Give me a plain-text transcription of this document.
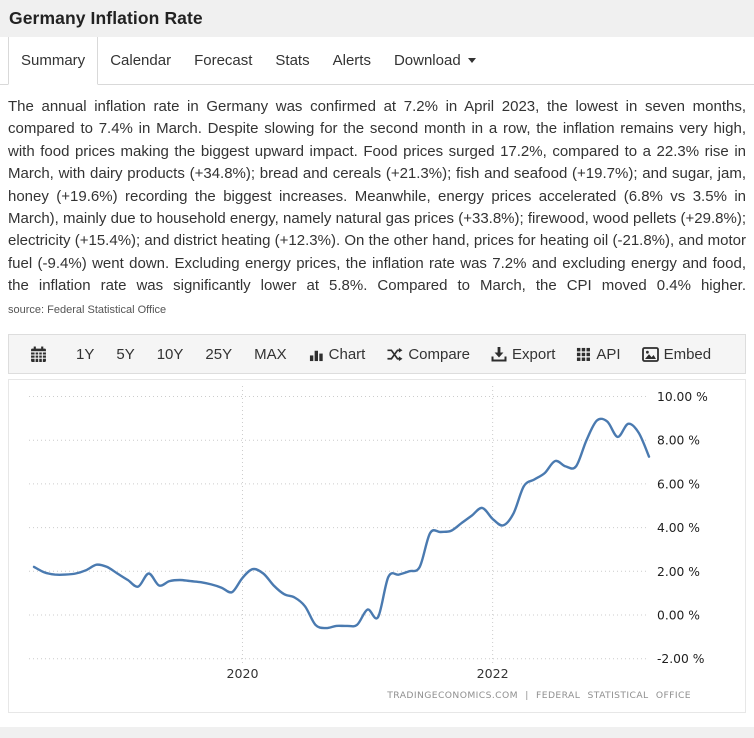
Germany Inflation Rate
Summary Calendar Forecast Stats Alerts Download

The annual inflation rate in Germany was confirmed at 7.2% in April 2023, the lowest in seven months, compared to 7.4% in March. Despite slowing for the second month in a row, the inflation remains very high, with food prices making the biggest upward impact. Food prices surged 17.2%, compared to a 22.3% rise in March, with dairy products (+34.8%); bread and cereals (+21.3%); fish and seafood (+19.7%); and sugar, jam, honey (+19.6%) recording the biggest increases. Meanwhile, energy prices accelerated (6.8% vs 3.5% in March), mainly due to household energy, namely natural gas prices (+33.8%); firewood, wood pellets (+29.8%); electricity (+15.4%); and district heating (+12.3%). On the other hand, prices for heating oil (-21.8%), and motor fuel (-9.4%) went down. Excluding energy prices, the inflation rate was 7.2% and excluding energy and food, the inflation rate was significantly lower at 5.8%. Compared to March, the CPI moved 0.4% higher. source: Federal Statistical Office

1Y 5Y 10Y 25Y MAX	Chart	Compare	Export	API	Embed
2020	2022
10.00 %
8.00 %
6.00 %
4.00 %
2.00 %
0.00 %
-2.00 %
TRADINGECONOMICS.COM | FEDERAL STATISTICAL OFFICE
